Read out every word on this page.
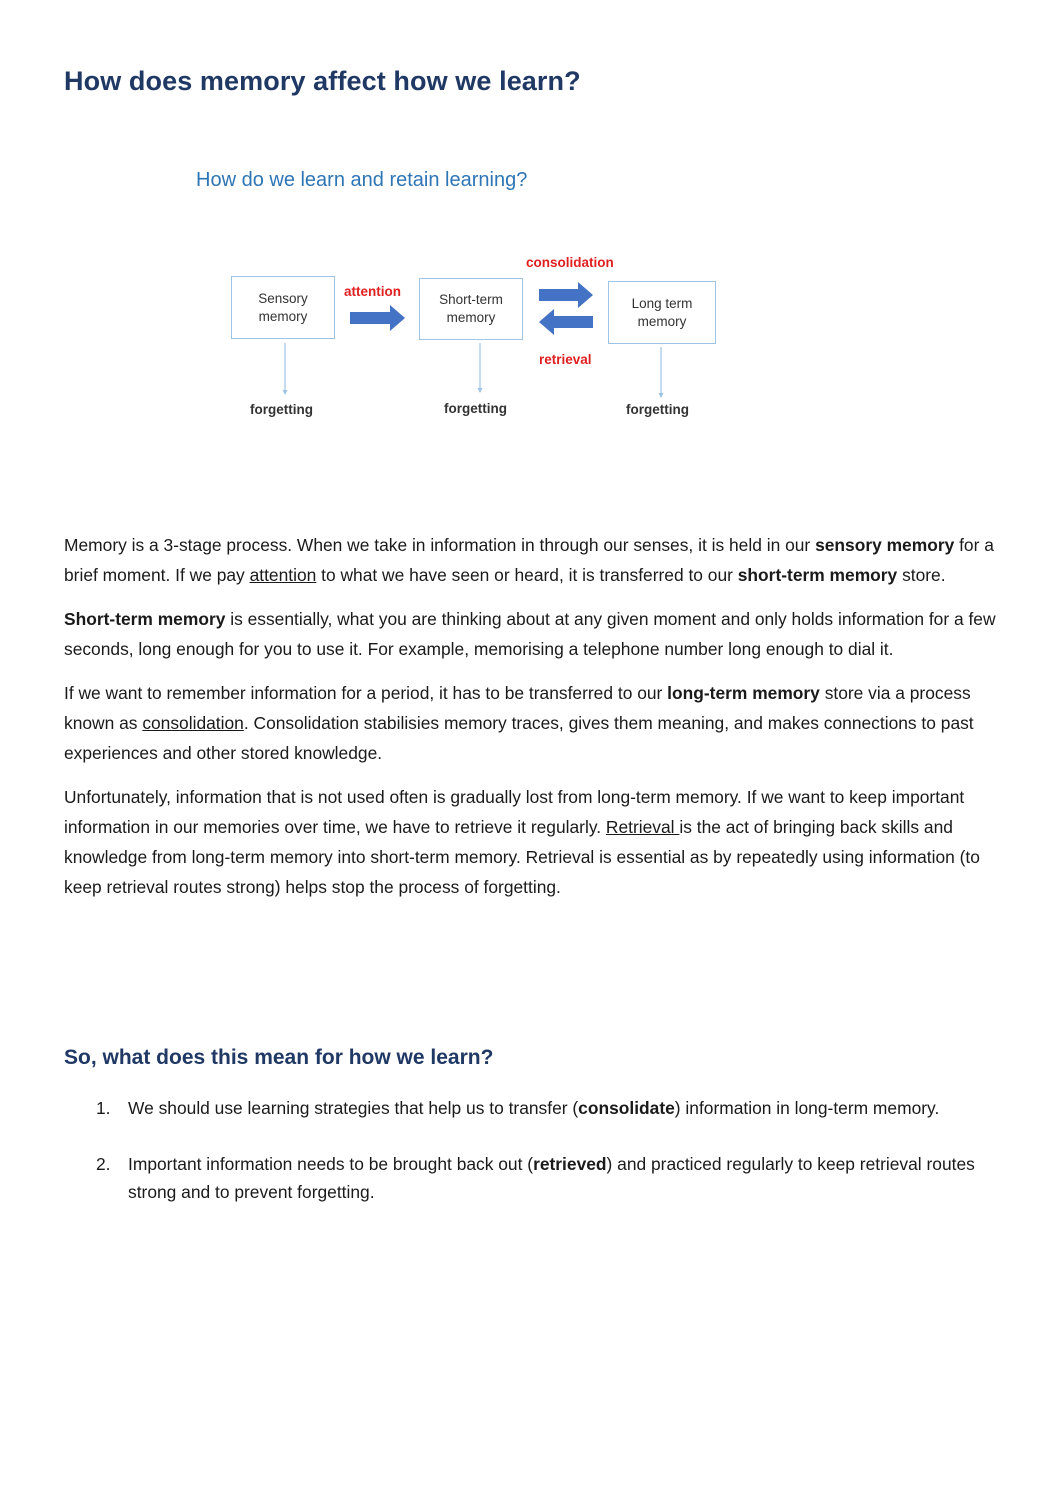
How does memory affect how we learn?
How do we learn and retain learning?
Sensory
memory
Short-term
memory
Long term
memory
attention
consolidation
retrieval
forgetting	forgetting	forgetting

Memory is a 3-stage process. When we take in information in through our senses, it is held in our sensory memory for a brief moment. If we pay attention to what we have seen or heard, it is transferred to our short-term memory store.

Short-term memory is essentially, what you are thinking about at any given moment and only holds information for a few seconds, long enough for you to use it. For example, memorising a telephone number long enough to dial it.

If we want to remember information for a period, it has to be transferred to our long-term memory store via a process known as consolidation. Consolidation stabilisies memory traces, gives them meaning, and makes connections to past experiences and other stored knowledge.

Unfortunately, information that is not used often is gradually lost from long-term memory. If we want to keep important information in our memories over time, we have to retrieve it regularly. Retrieval is the act of bringing back skills and knowledge from long-term memory into short-term memory. Retrieval is essential as by repeatedly using information (to keep retrieval routes strong) helps stop the process of forgetting.

So, what does this mean for how we learn?
1. We should use learning strategies that help us to transfer (consolidate) information in long-term memory.
2. Important information needs to be brought back out (retrieved) and practiced regularly to keep retrieval routes strong and to prevent forgetting.
